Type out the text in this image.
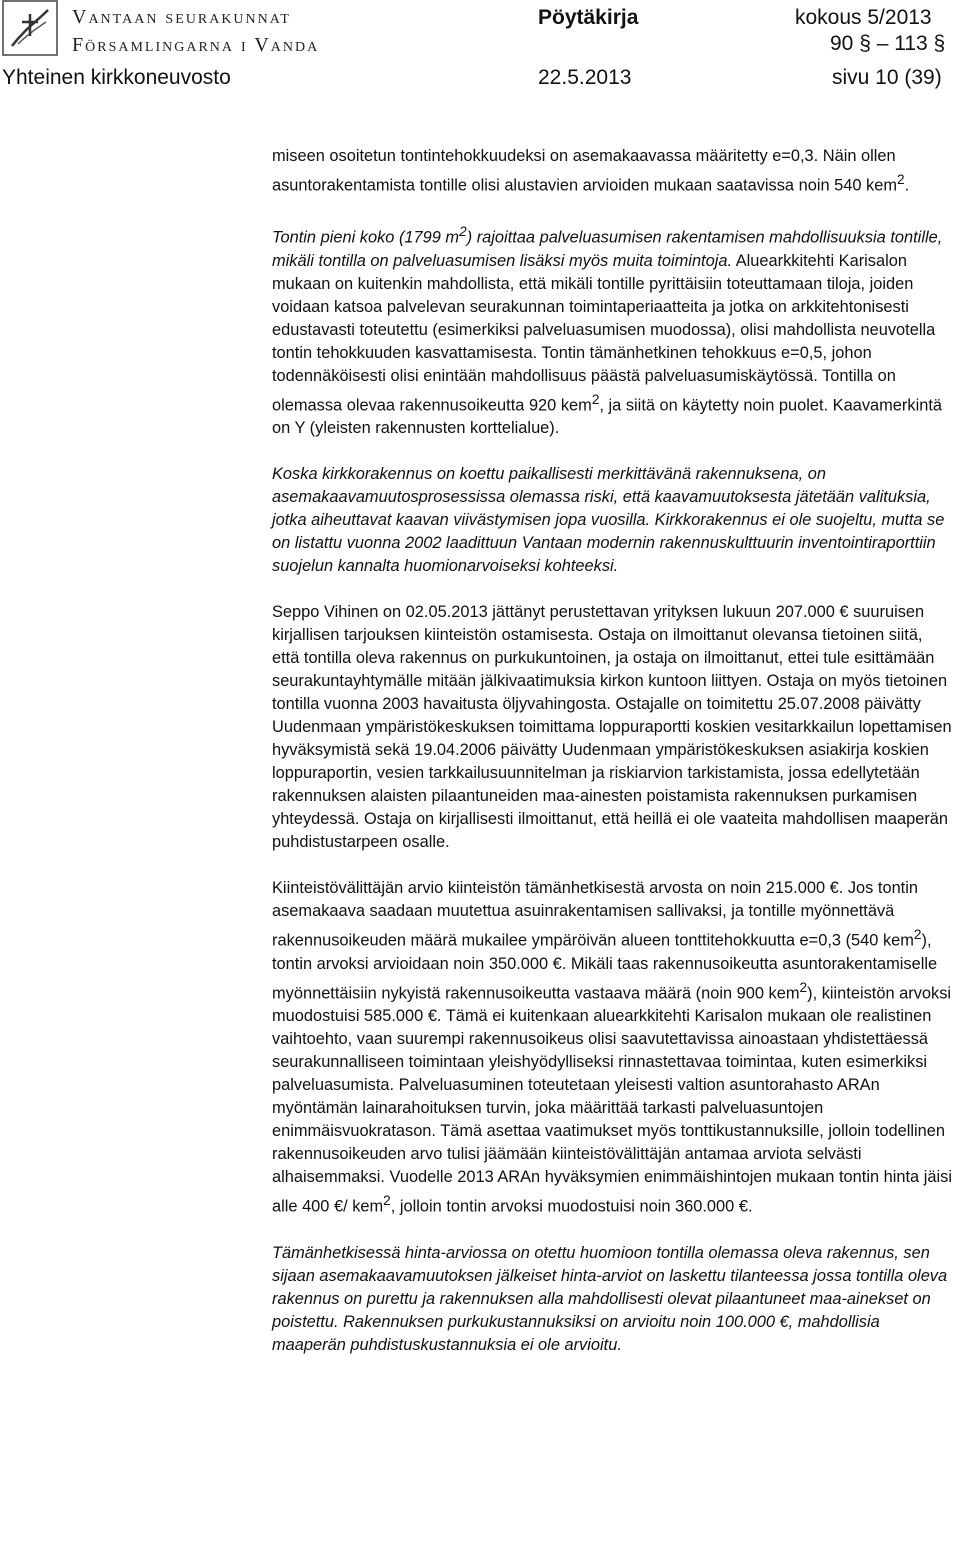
Vantaan seurakunnat
Församlingarna i Vanda
Pöytäkirja	kokous 5/2013
90 § – 113 §
Yhteinen kirkkoneuvosto	22.5.2013	sivu 10 (39)

miseen osoitetun tontintehokkuudeksi on asemakaavassa määritetty e=0,3. Näin ollen asuntorakentamista tontille olisi alustavien arvioiden mukaan saatavissa noin 540 kem$^2$.

Tontin pieni koko (1799 $m^2$) rajoittaa palveluasumisen rakentamisen mahdollisuuksia tontille, mikäli tontilla on palveluasumisen lisäksi myös muita toimintoja. Aluearkkitehti Karisalon mukaan on kuitenkin mahdollista, että mikäli tontille pyrittäisiin toteuttamaan tiloja, joiden voidaan katsoa palvelevan seurakunnan toimintaperiaatteita ja jotka on arkkitehtonisesti edustavasti toteutettu (esimerkiksi palveluasumisen muodossa), olisi mahdollista neuvotella tontin tehokkuuden kasvattamisesta. Tontin tämänhetkinen tehokkuus e=0,5, johon todennäköisesti olisi enintään mahdollisuus päästä palveluasumiskäytössä. Tontilla on olemassa olevaa rakennusoikeutta 920 kem$^2$, ja siitä on käytetty noin puolet. Kaavamerkintä on Y (yleisten rakennusten korttelialue).

Koska kirkkorakennus on koettu paikallisesti merkittävänä rakennuksena, on asemakaavamuutosprosessissa olemassa riski, että kaavamuutoksesta jätetään valituksia, jotka aiheuttavat kaavan viivästymisen jopa vuosilla. Kirkkorakennus ei ole suojeltu, mutta se on listattu vuonna 2002 laadittuun Vantaan modernin rakennuskulttuurin inventointiraporttiin suojelun kannalta huomionarvoiseksi kohteeksi.

Seppo Vihinen on 02.05.2013 jättänyt perustettavan yrityksen lukuun 207.000 € suuruisen kirjallisen tarjouksen kiinteistön ostamisesta. Ostaja on ilmoittanut olevansa tietoinen siitä, että tontilla oleva rakennus on purkukuntoinen, ja ostaja on ilmoittanut, ettei tule esittämään seurakuntayhtymälle mitään jälkivaatimuksia kirkon kuntoon liittyen. Ostaja on myös tietoinen tontilla vuonna 2003 havaitusta öljyvahingosta. Ostajalle on toimitettu 25.07.2008 päivätty Uudenmaan ympäristökeskuksen toimittama loppuraportti koskien vesitarkkailun lopettamisen hyväksymistä sekä 19.04.2006 päivätty Uudenmaan ympäristökeskuksen asiakirja koskien loppuraportin, vesien tarkkailusuunnitelman ja riskiarvion tarkistamista, jossa edellytetään rakennuksen alaisten pilaantuneiden maa-ainesten poistamista rakennuksen purkamisen yhteydessä. Ostaja on kirjallisesti ilmoittanut, että heillä ei ole vaateita mahdollisen maaperän puhdistustarpeen osalle.

Kiinteistövälittäjän arvio kiinteistön tämänhetkisestä arvosta on noin 215.000 €. Jos tontin asemakaava saadaan muutettua asuinrakentamisen sallivaksi, ja tontille myönnettävä rakennusoikeuden määrä mukailee ympäröivän alueen tonttitehokkuutta e=0,3 (540 kem$^2$), tontin arvoksi arvioidaan noin 350.000 €. Mikäli taas rakennusoikeutta asuntorakentamiselle myönnettäisiin nykyistä rakennusoikeutta vastaava määrä (noin 900 kem$^2$), kiinteistön arvoksi muodostuisi 585.000 €. Tämä ei kuitenkaan aluearkkitehti Karisalon mukaan ole realistinen vaihtoehto, vaan suurempi rakennusoikeus olisi saavutettavissa ainoastaan yhdistettäessä seurakunnalliseen toimintaan yleishyödylliseksi rinnastettavaa toimintaa, kuten esimerkiksi palveluasumista. Palveluasuminen toteutetaan yleisesti valtion asuntorahasto ARAn myöntämän lainarahoituksen turvin, joka määrittää tarkasti palveluasuntojen enimmäisvuokratason. Tämä asettaa vaatimukset myös tonttikustannuksille, jolloin todellinen rakennusoikeuden arvo tulisi jäämään kiinteistövälittäjän antamaa arviota selvästi alhaisemmaksi. Vuodelle 2013 ARAn hyväksymien enimmäishintojen mukaan tontin hinta jäisi alle 400 €/ kem$^2$, jolloin tontin arvoksi muodostuisi noin 360.000 €.

Tämänhetkisessä hinta-arviossa on otettu huomioon tontilla olemassa oleva rakennus, sen sijaan asemakaavamuutoksen jälkeiset hinta-arviot on laskettu tilanteessa jossa tontilla oleva rakennus on purettu ja rakennuksen alla mahdollisesti olevat pilaantuneet maa-ainekset on poistettu. Rakennuksen purkukustannuksiksi on arvioitu noin 100.000 €, mahdollisia maaperän puhdistuskustannuksia ei ole arvioitu.
